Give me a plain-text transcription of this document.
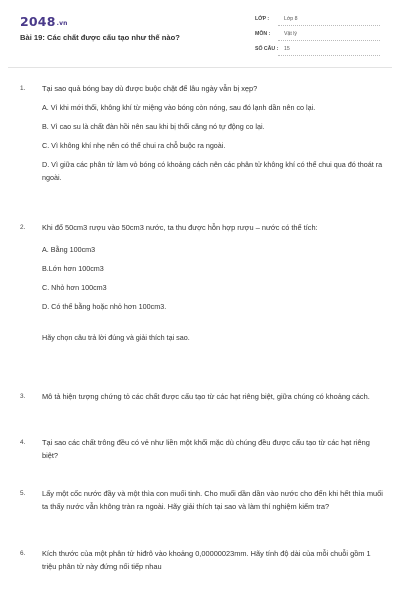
2048.vn
Bài 19: Các chất được cấu tạo như thế nào?
LỚP :	Lớp 8
MÔN :	Vật lý
SỐ CÂU : 15
1.	Tại sao quả bóng bay dù được buộc chặt để lâu ngày vẫn bị xẹp?
A. Vì khi mới thổi, không khí từ miệng vào bóng còn nóng, sau đó lạnh dần nên co lại.
B. Vì cao su là chất đàn hồi nên sau khi bị thổi căng nó tự động co lại.
C. Vì không khí nhẹ nên có thể chui ra chỗ buộc ra ngoài.
D. Vì giữa các phân tử làm vỏ bóng có khoảng cách nên các phân tử không khí có thể chui qua đó thoát ra ngoài.
2.	Khi đổ 50cm3 rượu vào 50cm3 nước, ta thu được hỗn hợp rượu – nước có thể tích:
A. Bằng 100cm3
B.Lớn hơn 100cm3
C. Nhỏ hơn 100cm3
D. Có thể bằng hoặc nhỏ hơn 100cm3.
Hãy chọn câu trả lời đúng và giải thích tại sao.
3.	Mô tả hiện tượng chứng tỏ các chất được cấu tạo từ các hạt riêng biệt, giữa chúng có khoảng cách.
4.	Tại sao các chất trông đều có vẻ như liền một khối mặc dù chúng đều được cấu tạo từ các hạt riêng biệt?
5.	Lấy một cốc nước đầy và một thìa con muối tinh. Cho muối dần dần vào nước cho đến khi hết thìa muối ta thấy nước vẫn không tràn ra ngoài. Hãy giải thích tại sao và làm thí nghiệm kiểm tra?
6.	Kích thước của một phân tử hiđrô vào khoảng 0,00000023mm. Hãy tính độ dài của mỗi chuỗi gồm 1 triệu phân tử này đứng nối tiếp nhau
